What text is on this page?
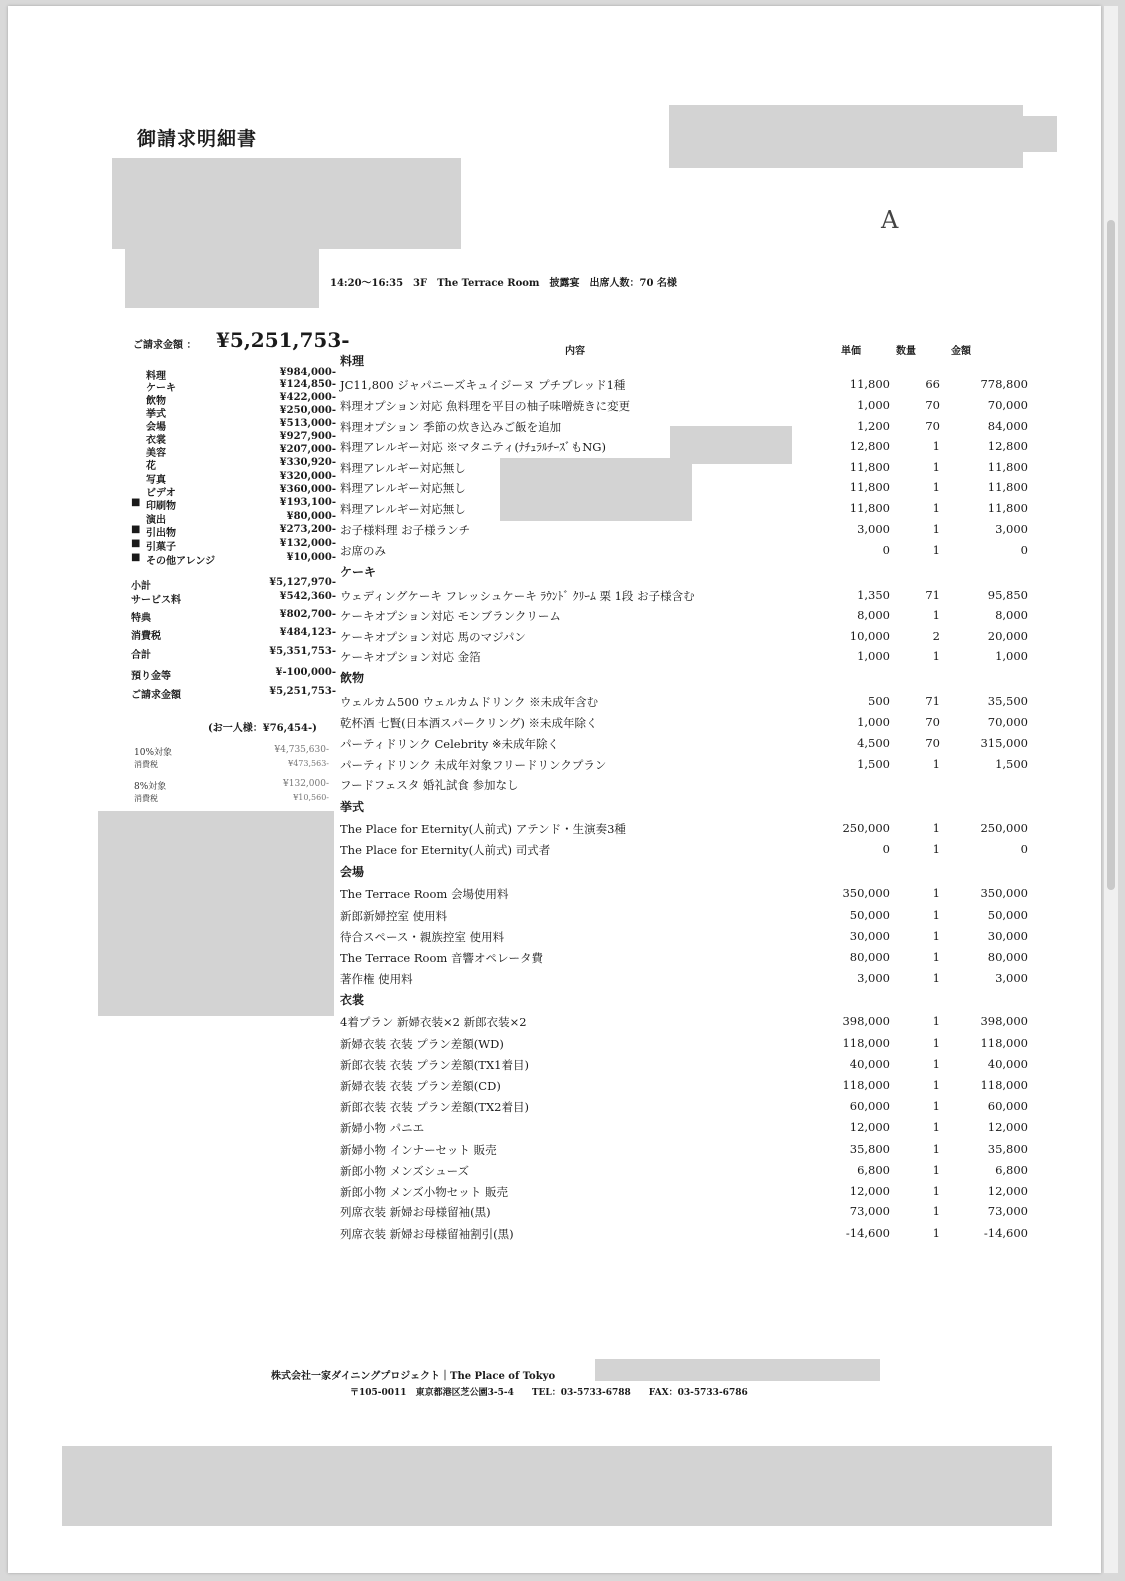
御請求明細書
14:20〜16:35　3F　The Terrace Room　披露宴　出席人数：70 名様
A
ご請求金額 ： ¥5,251,753-
料理	¥984,000-
ケーキ	¥124,850-
飲物	¥422,000-
挙式	¥250,000-
会場	¥513,000-
衣裳	¥927,900-
美容	¥207,000-
花	¥330,920-
写真	¥320,000-
ビデオ	¥360,000-
■ 印刷物	¥193,100-
演出	¥80,000-
■ 引出物	¥273,200-
■ 引菓子	¥132,000-
■ その他アレンジ	¥10,000-
小計	¥5,127,970-
サービス料	¥542,360-
特典	¥802,700-
消費税	¥484,123-
合計	¥5,351,753-
預り金等	¥-100,000-
ご請求金額	¥5,251,753-
(お一人様：¥76,454-)
10%対象	¥4,735,630-
消費税	¥473,563-
8%対象	¥132,000-
消費税	¥10,560-
内容	単価	数量	金額
料理
JC11,800 ジャパニーズキュイジーヌ プチブレッド1種	11,800	66	778,800
料理オプション対応 魚料理を平目の柚子味噌焼きに変更	1,000	70	70,000
料理オプション 季節の炊き込みご飯を追加	1,200	70	84,000
料理アレルギー対応 ※マタニティ(ﾅﾁｭﾗﾙﾁｰｽﾞもNG)	12,800	1	12,800
料理アレルギー対応無し	11,800	1	11,800
料理アレルギー対応無し	11,800	1	11,800
料理アレルギー対応無し	11,800	1	11,800
お子様料理 お子様ランチ	3,000	1	3,000
お席のみ	0	1	0
ケーキ
ウェディングケーキ フレッシュケーキ ﾗｳﾝﾄﾞ ｸﾘｰﾑ 栗 1段 お子様含む	1,350	71	95,850
ケーキオプション対応 モンブランクリーム	8,000	1	8,000
ケーキオプション対応 馬のマジパン	10,000	2	20,000
ケーキオプション対応 金箔	1,000	1	1,000
飲物
ウェルカム500 ウェルカムドリンク ※未成年含む	500	71	35,500
乾杯酒 七賢(日本酒スパークリング) ※未成年除く	1,000	70	70,000
パーティドリンク Celebrity ※未成年除く	4,500	70	315,000
パーティドリンク 未成年対象フリードリンクプラン	1,500	1	1,500
フードフェスタ 婚礼試食 参加なし
挙式
The Place for Eternity(人前式) アテンド・生演奏3種	250,000	1	250,000
The Place for Eternity(人前式) 司式者	0	1	0
会場
The Terrace Room 会場使用料	350,000	1	350,000
新郎新婦控室 使用料	50,000	1	50,000
待合スペース・親族控室 使用料	30,000	1	30,000
The Terrace Room 音響オペレータ費	80,000	1	80,000
著作権 使用料	3,000	1	3,000
衣裳
4着プラン 新婦衣装×2 新郎衣装×2	398,000	1	398,000
新婦衣装 衣装 プラン差額(WD)	118,000	1	118,000
新郎衣装 衣装 プラン差額(TX1着目)	40,000	1	40,000
新婦衣装 衣装 プラン差額(CD)	118,000	1	118,000
新郎衣装 衣装 プラン差額(TX2着目)	60,000	1	60,000
新婦小物 パニエ	12,000	1	12,000
新婦小物 インナーセット 販売	35,800	1	35,800
新郎小物 メンズシューズ	6,800	1	6,800
新郎小物 メンズ小物セット 販売	12,000	1	12,000
列席衣装 新婦お母様留袖(黒)	73,000	1	73,000
列席衣装 新婦お母様留袖割引(黒)	-14,600	1	-14,600
株式会社一家ダイニングプロジェクト｜The Place of Tokyo
〒105-0011　東京都港区芝公園3-5-4　　TEL：03-5733-6788　　FAX：03-5733-6786
